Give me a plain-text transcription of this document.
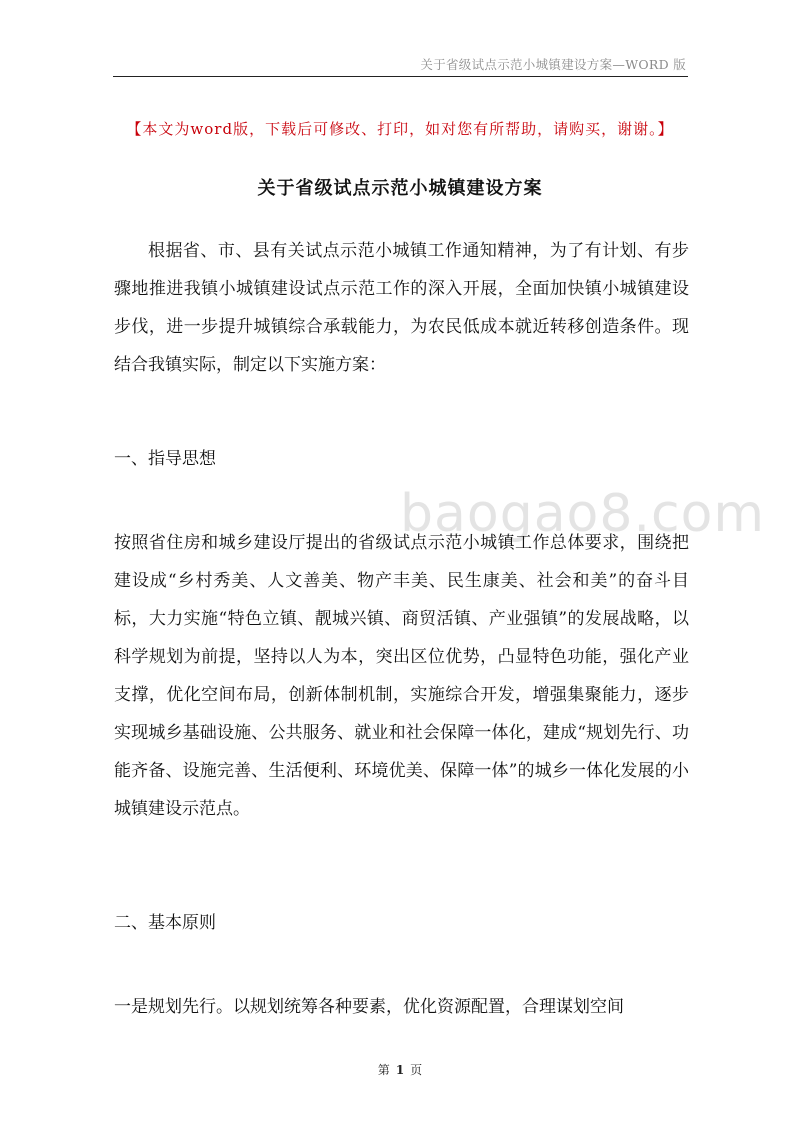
关于省级试点示范小城镇建设方案—WORD 版
baogao8.com
【本文为word版，下载后可修改、打印，如对您有所帮助，请购买，谢谢。】
关于省级试点示范小城镇建设方案
根据省、市、县有关试点示范小城镇工作通知精神，为了有计划、有步骤地推进我镇小城镇建设试点示范工作的深入开展，全面加快镇小城镇建设步伐，进一步提升城镇综合承载能力，为农民低成本就近转移创造条件。现结合我镇实际，制定以下实施方案：
一、指导思想
按照省住房和城乡建设厅提出的省级试点示范小城镇工作总体要求，围绕把建设成“乡村秀美、人文善美、物产丰美、民生康美、社会和美”的奋斗目标，大力实施“特色立镇、靓城兴镇、商贸活镇、产业强镇”的发展战略，以科学规划为前提，坚持以人为本，突出区位优势，凸显特色功能，强化产业支撑，优化空间布局，创新体制机制，实施综合开发，增强集聚能力，逐步实现城乡基础设施、公共服务、就业和社会保障一体化，建成“规划先行、功能齐备、设施完善、生活便利、环境优美、保障一体”的城乡一体化发展的小城镇建设示范点。
二、基本原则
一是规划先行。以规划统筹各种要素，优化资源配置，合理谋划空间
第 1 页
